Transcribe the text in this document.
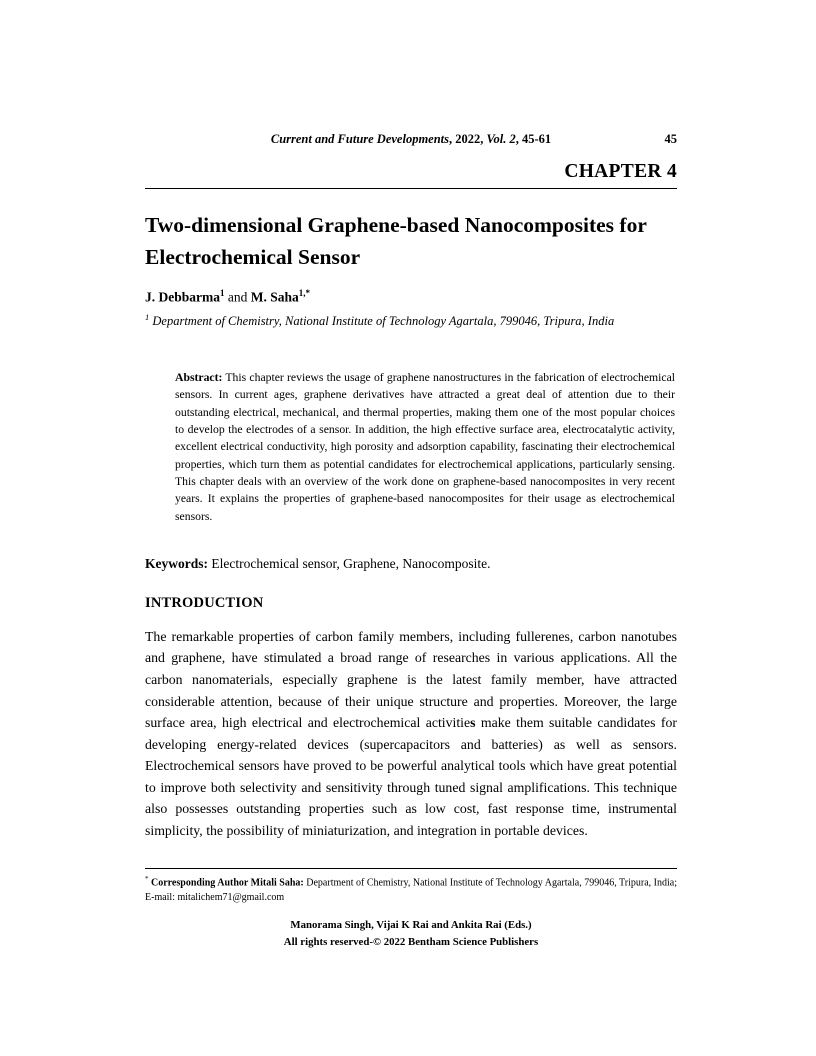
Current and Future Developments, 2022, Vol. 2, 45-61	45
CHAPTER 4
Two-dimensional Graphene-based Nanocomposites for Electrochemical Sensor

J. Debbarma$^1$ and M. Saha$^{1,*}$

$^1$ Department of Chemistry, National Institute of Technology Agartala, 799046, Tripura, India

Abstract: This chapter reviews the usage of graphene nanostructures in the fabrication of electrochemical sensors. In current ages, graphene derivatives have attracted a great deal of attention due to their outstanding electrical, mechanical, and thermal properties, making them one of the most popular choices to develop the electrodes of a sensor. In addition, the high effective surface area, electrocatalytic activity, excellent electrical conductivity, high porosity and adsorption capability, fascinating their electrochemical properties, which turn them as potential candidates for electrochemical applications, particularly sensing. This chapter deals with an overview of the work done on graphene-based nanocomposites in very recent years. It explains the properties of graphene-based nanocomposites for their usage as electrochemical sensors.

Keywords: Electrochemical sensor, Graphene, Nanocomposite.

INTRODUCTION

The remarkable properties of carbon family members, including fullerenes, carbon nanotubes and graphene, have stimulated a broad range of researches in various applications. All the carbon nanomaterials, especially graphene is the latest family member, have attracted considerable attention, because of their unique structure and properties. Moreover, the large surface area, high electrical and electrochemical activities make them suitable candidates for developing energy-related devices (supercapacitors and batteries) as well as sensors. Electrochemical sensors have proved to be powerful analytical tools which have great potential to improve both selectivity and sensitivity through tuned signal amplifications. This technique also possesses outstanding properties such as low cost, fast response time, instrumental simplicity, the possibility of miniaturization, and integration in portable devices.

* Corresponding Author Mitali Saha: Department of Chemistry, National Institute of Technology Agartala, 799046, Tripura, India; E-mail: mitalichem71@gmail.com
Manorama Singh, Vijai K Rai and Ankita Rai (Eds.)
All rights reserved-© 2022 Bentham Science Publishers
